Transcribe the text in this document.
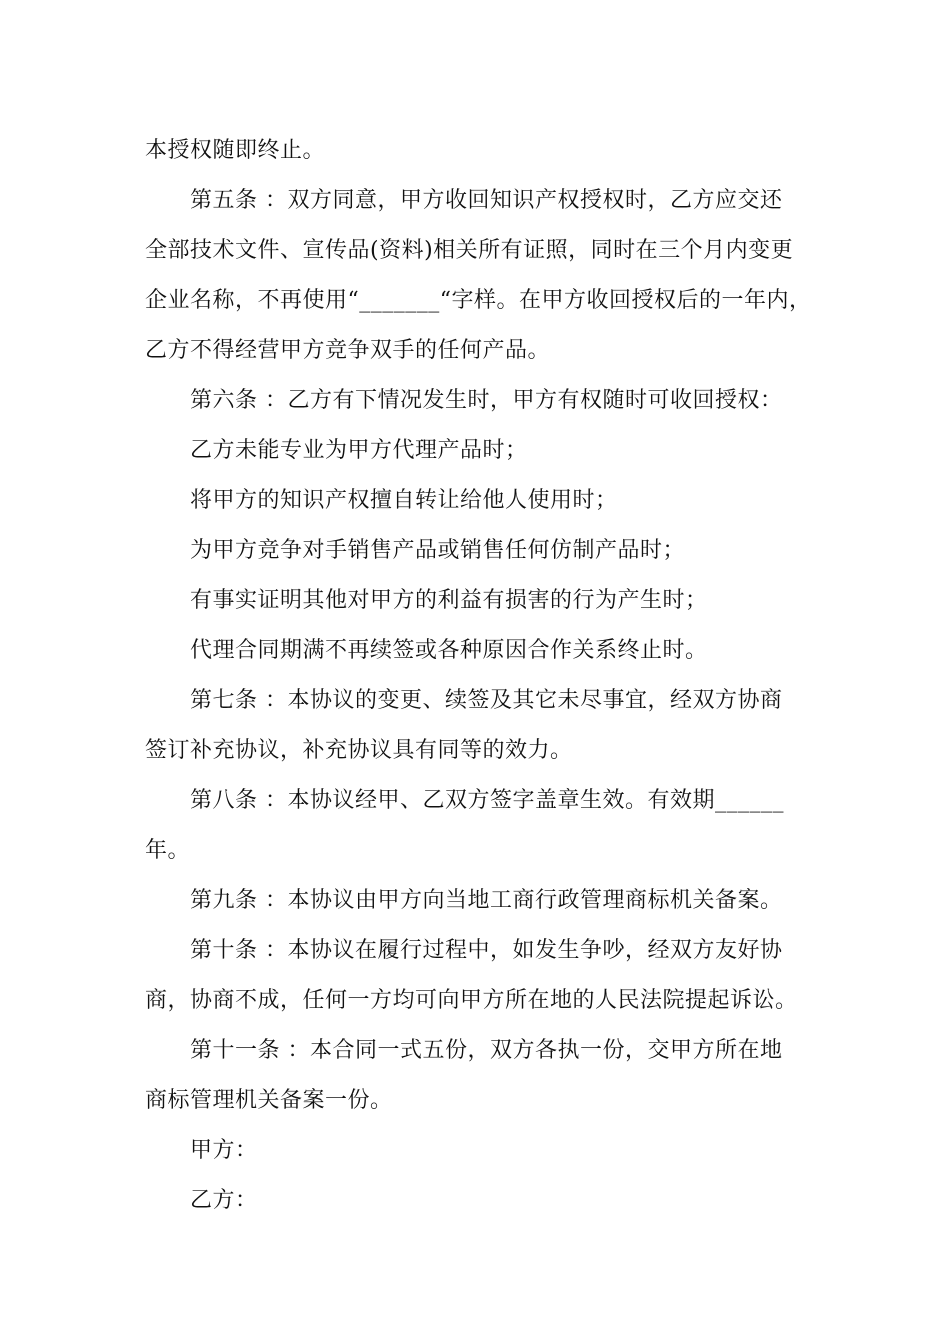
本授权随即终止。
第五条 ：双方同意，甲方收回知识产权授权时，乙方应交还
全部技术文件、宣传品(资料)相关所有证照，同时在三个月内变更
企业名称，不再使用“_______“字样。在甲方收回授权后的一年内，
乙方不得经营甲方竞争双手的任何产品。
第六条 ：乙方有下情况发生时，甲方有权随时可收回授权：
乙方未能专业为甲方代理产品时；
将甲方的知识产权擅自转让给他人使用时；
为甲方竞争对手销售产品或销售任何仿制产品时；
有事实证明其他对甲方的利益有损害的行为产生时；
代理合同期满不再续签或各种原因合作关系终止时。
第七条 ：本协议的变更、续签及其它未尽事宜，经双方协商
签订补充协议，补充协议具有同等的效力。
第八条 ：本协议经甲、乙双方签字盖章生效。有效期______
年。
第九条 ：本协议由甲方向当地工商行政管理商标机关备案。
第十条 ：本协议在履行过程中，如发生争吵，经双方友好协
商，协商不成，任何一方均可向甲方所在地的人民法院提起诉讼。
第十一条 ：本合同一式五份，双方各执一份，交甲方所在地
商标管理机关备案一份。
甲方：
乙方：
